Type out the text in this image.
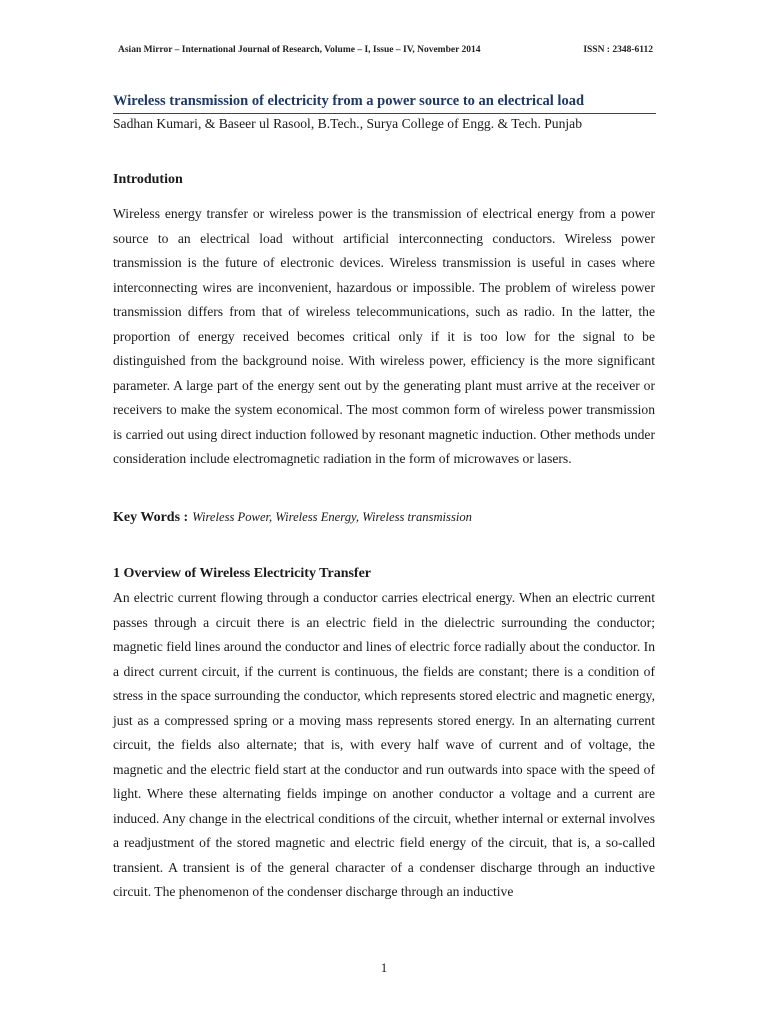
Asian Mirror – International Journal of Research, Volume – I, Issue – IV, November 2014	ISSN : 2348-6112
Wireless transmission of electricity from a power source to an electrical load
Sadhan Kumari, & Baseer ul Rasool, B.Tech., Surya College of Engg. & Tech. Punjab
Introdution

Wireless energy transfer or wireless power is the transmission of electrical energy from a power source to an electrical load without artificial interconnecting conductors. Wireless power transmission is the future of electronic devices. Wireless transmission is useful in cases where interconnecting wires are inconvenient, hazardous or impossible. The problem of wireless power transmission differs from that of wireless telecommunications, such as radio. In the latter, the proportion of energy received becomes critical only if it is too low for the signal to be distinguished from the background noise. With wireless power, efficiency is the more significant parameter. A large part of the energy sent out by the generating plant must arrive at the receiver or receivers to make the system economical. The most common form of wireless power transmission is carried out using direct induction followed by resonant magnetic induction. Other methods under consideration include electromagnetic radiation in the form of microwaves or lasers.

Key Words : Wireless Power, Wireless Energy, Wireless transmission
1 Overview of Wireless Electricity Transfer

An electric current flowing through a conductor carries electrical energy. When an electric current passes through a circuit there is an electric field in the dielectric surrounding the conductor; magnetic field lines around the conductor and lines of electric force radially about the conductor. In a direct current circuit, if the current is continuous, the fields are constant; there is a condition of stress in the space surrounding the conductor, which represents stored electric and magnetic energy, just as a compressed spring or a moving mass represents stored energy. In an alternating current circuit, the fields also alternate; that is, with every half wave of current and of voltage, the magnetic and the electric field start at the conductor and run outwards into space with the speed of light. Where these alternating fields impinge on another conductor a voltage and a current are induced. Any change in the electrical conditions of the circuit, whether internal or external involves a readjustment of the stored magnetic and electric field energy of the circuit, that is, a so-called transient. A transient is of the general character of a condenser discharge through an inductive circuit. The phenomenon of the condenser discharge through an inductive

1
